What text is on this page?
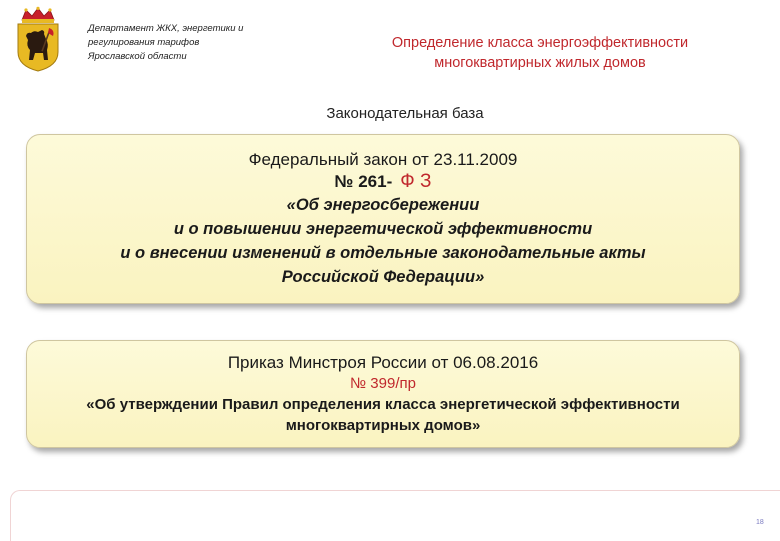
Департамент ЖКХ, энергетики и
регулирования тарифов
Ярославской области
Определение класса энергоэффективности
многоквартирных жилых домов
Законодательная база
Федеральный закон от 23.11.2009
№ 261- Ф З
«Об энергосбережении
и о повышении энергетической эффективности
и о внесении изменений в отдельные законодательные акты
Российской Федерации»
Приказ Минстроя России от 06.08.2016
№ 399/пр
«Об утверждении Правил определения класса энергетической эффективности
многоквартирных домов»
18
